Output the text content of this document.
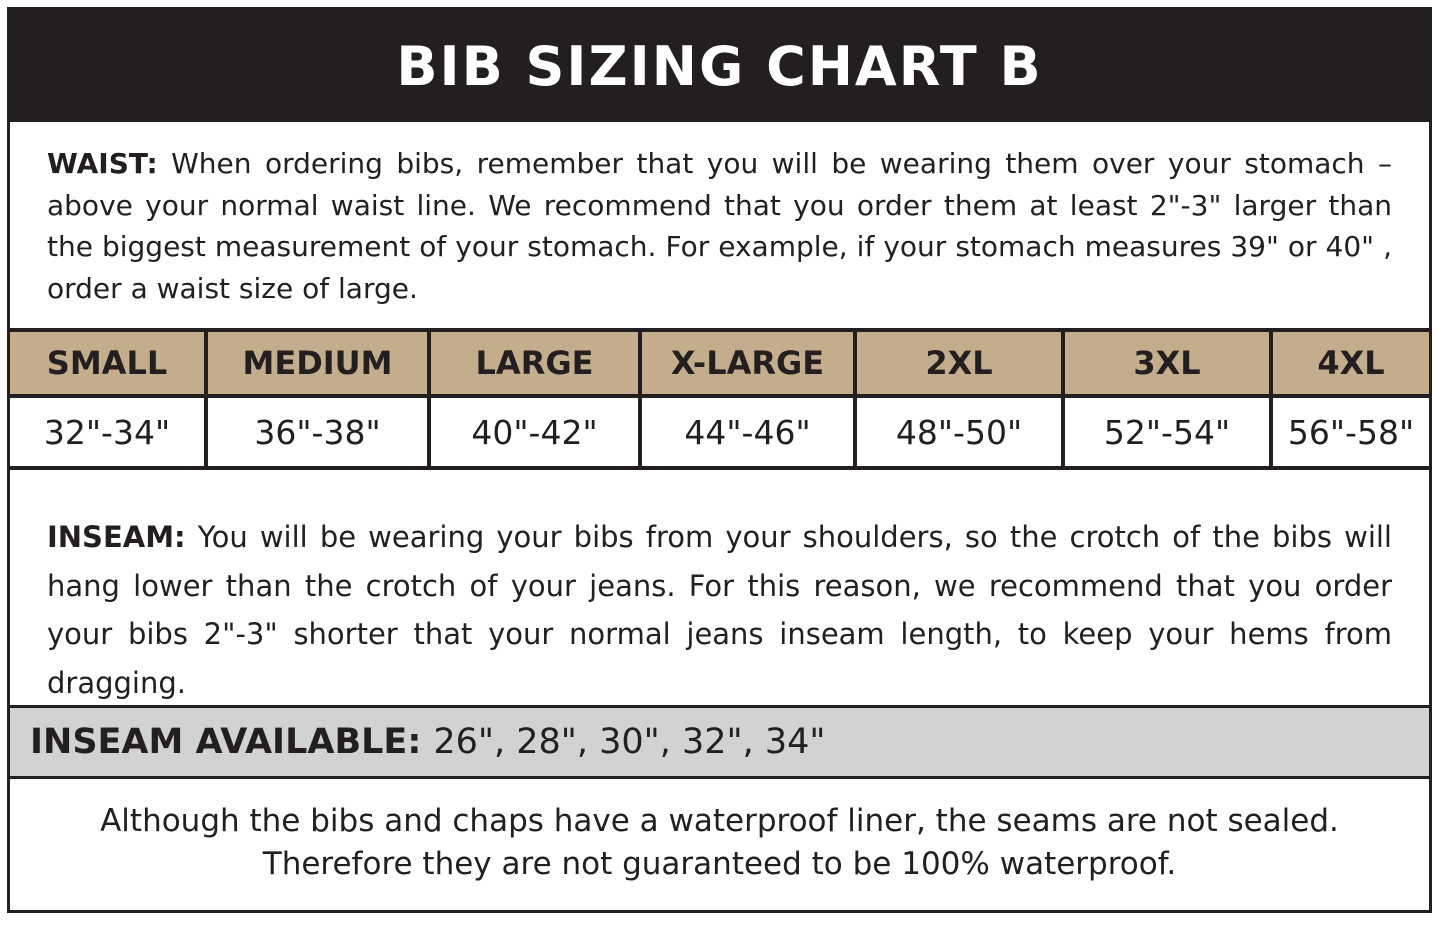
BIB SIZING CHART B
WAIST: When ordering bibs, remember that you will be wearing them over your stomach – above your normal waist line. We recommend that you order them at least 2"-3" larger than the biggest measurement of your stomach. For example, if your stomach measures 39" or 40" , order a waist size of large.
SMALL	MEDIUM	LARGE	X-LARGE	2XL	3XL	4XL
32"-34"	36"-38"	40"-42"	44"-46"	48"-50"	52"-54"	56"-58"
INSEAM: You will be wearing your bibs from your shoulders, so the crotch of the bibs will hang lower than the crotch of your jeans. For this reason, we recommend that you order your bibs 2"-3" shorter that your normal jeans inseam length, to keep your hems from dragging.
INSEAM AVAILABLE: 26", 28", 30", 32", 34"
Although the bibs and chaps have a waterproof liner, the seams are not sealed.
Therefore they are not guaranteed to be 100% waterproof.
